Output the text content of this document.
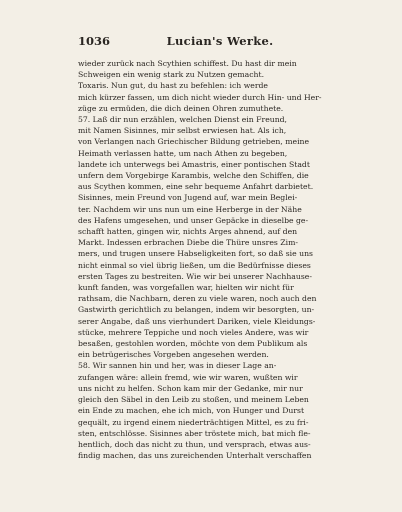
1036	Lucian's Werke.
wieder zurück nach Scythien schiffest. Du hast dir mein
Schweigen ein wenig stark zu Nutzen gemacht.
Toxaris. Nun gut, du hast zu befehlen: ich werde
mich kürzer fassen, um dich nicht wieder durch Hin- und Her-
züge zu ermüden, die dich deinen Ohren zumuthete.
57. Laß dir nun erzählen, welchen Dienst ein Freund,
mit Namen Sisinnes, mir selbst erwiesen hat. Als ich,
von Verlangen nach Griechischer Bildung getrieben, meine
Heimath verlassen hatte, um nach Athen zu begeben,
landete ich unterwegs bei Amastris, einer pontischen Stadt
unfern dem Vorgebirge Karambis, welche den Schiffen, die
aus Scythen kommen, eine sehr bequeme Anfahrt darbietet.
Sisinnes, mein Freund von Jugend auf, war mein Beglei-
ter. Nachdem wir uns nun um eine Herberge in der Nähe
des Hafens umgesehen, und unser Gepäcke in dieselbe ge-
schafft hatten, gingen wir, nichts Arges ahnend, auf den
Markt. Indessen erbrachen Diebe die Thüre unsres Zim-
mers, und trugen unsere Habseligkeiten fort, so daß sie uns
nicht einmal so viel übrig ließen, um die Bedürfnisse dieses
ersten Tages zu bestreiten. Wie wir bei unserer Nachhause-
kunft fanden, was vorgefallen war, hielten wir nicht für
rathsam, die Nachbarn, deren zu viele waren, noch auch den
Gastwirth gerichtlich zu belangen, indem wir besorgten, un-
serer Angabe, daß uns vierhundert Dariken, viele Kleidungs-
stücke, mehrere Teppiche und noch vieles Andere, was wir
besaßen, gestohlen worden, möchte von dem Publikum als
ein betrügerisches Vorgeben angesehen werden.
58. Wir sannen hin und her, was in dieser Lage an-
zufangen wäre: allein fremd, wie wir waren, wußten wir
uns nicht zu helfen. Schon kam mir der Gedanke, mir nur
gleich den Säbel in den Leib zu stoßen, und meinem Leben
ein Ende zu machen, ehe ich mich, von Hunger und Durst
gequält, zu irgend einem niederträchtigen Mittel, es zu fri-
sten, entschlösse. Sisinnes aber tröstete mich, bat mich fle-
hentlich, doch das nicht zu thun, und versprach, etwas aus-
findig machen, das uns zureichenden Unterhalt verschaffen
